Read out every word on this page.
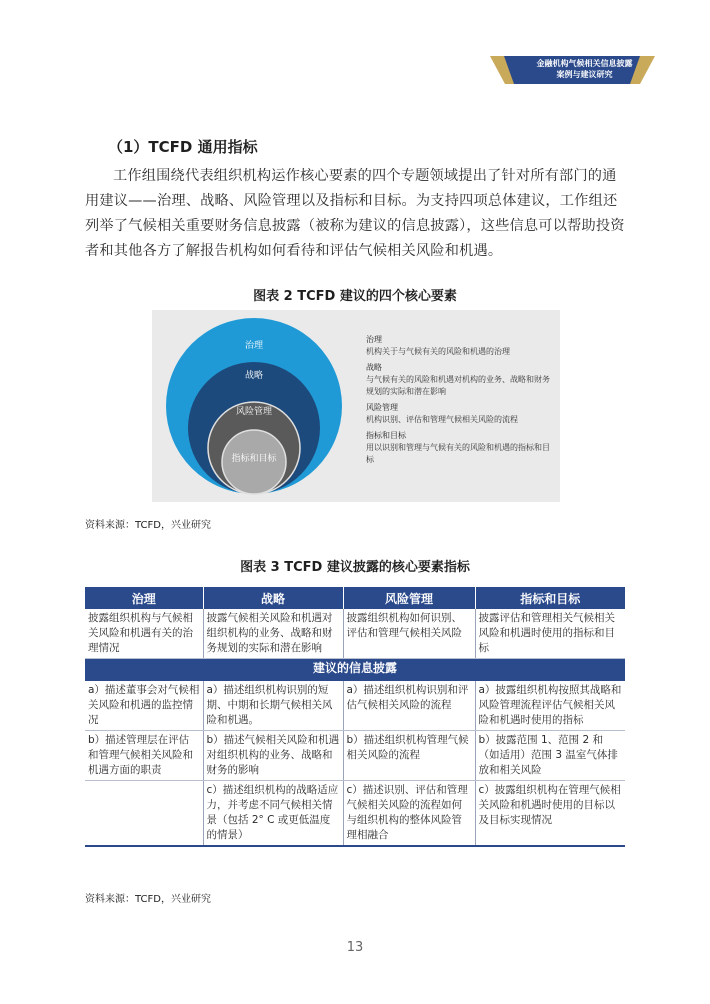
金融机构气候相关信息披露
案例与建议研究
（1）TCFD 通用指标
工作组围绕代表组织机构运作核心要素的四个专题领域提出了针对所有部门的通用建议——治理、战略、风险管理以及指标和目标。为支持四项总体建议，工作组还列举了气候相关重要财务信息披露（被称为建议的信息披露），这些信息可以帮助投资者和其他各方了解报告机构如何看待和评估气候相关风险和机遇。
图表 2 TCFD 建议的四个核心要素
治理
战略
风险管理
指标和目标
治理
机构关于与气候有关的风险和机遇的治理
战略
与气候有关的风险和机遇对机构的业务、战略和财务规划的实际和潜在影响
风险管理
机构识别、评估和管理气候相关风险的流程
指标和目标
用以识别和管理与气候有关的风险和机遇的指标和目标
资料来源：TCFD，兴业研究
图表 3 TCFD 建议披露的核心要素指标
治理	战略	风险管理	指标和目标
披露组织机构与气候相关风险和机遇有关的治理情况	披露气候相关风险和机遇对组织机构的业务、战略和财务规划的实际和潜在影响	披露组织机构如何识别、评估和管理气候相关风险	披露评估和管理相关气候相关风险和机遇时使用的指标和目标
建议的信息披露			
a）描述董事会对气候相关风险和机遇的监控情况	a）描述组织机构识别的短期、中期和长期气候相关风险和机遇。	a）描述组织机构识别和评估气候相关风险的流程	a）披露组织机构按照其战略和风险管理流程评估气候相关风险和机遇时使用的指标
b）描述管理层在评估和管理气候相关风险和机遇方面的职责	b）描述气候相关风险和机遇对组织机构的业务、战略和财务的影响	b）描述组织机构管理气候相关风险的流程	b）披露范围 1、范围 2 和（如适用）范围 3 温室气体排放和相关风险
	c）描述组织机构的战略适应力，并考虑不同气候相关情景（包括 2° C 或更低温度的情景）	c）描述识别、评估和管理气候相关风险的流程如何与组织机构的整体风险管理相融合	c）披露组织机构在管理气候相关风险和机遇时使用的目标以及目标实现情况
资料来源：TCFD，兴业研究
13
